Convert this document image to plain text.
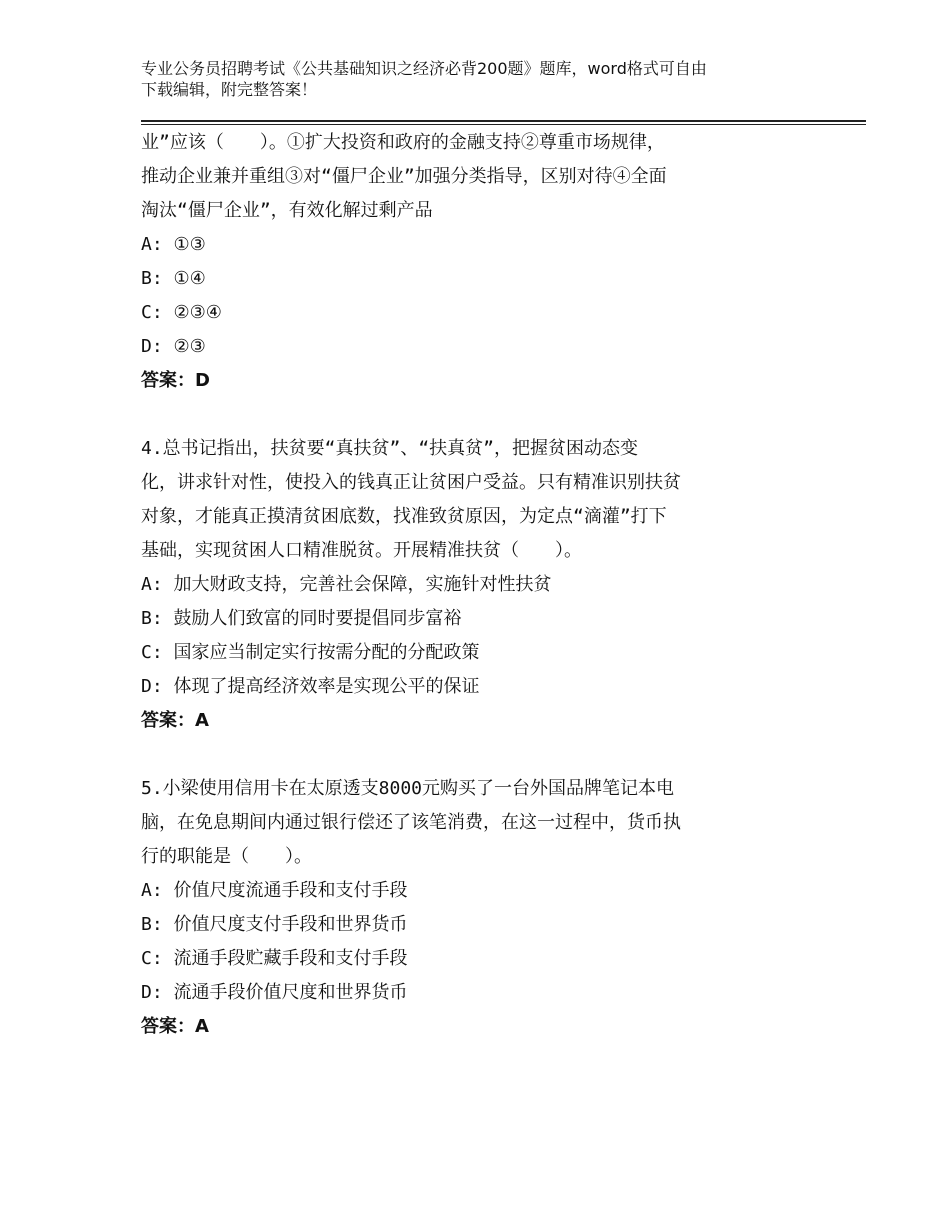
专业公务员招聘考试《公共基础知识之经济必背200题》题库，word格式可自由
下载编辑，附完整答案！
业”应该（　　）。①扩大投资和政府的金融支持②尊重市场规律，
推动企业兼并重组③对“僵尸企业”加强分类指导，区别对待④全面
淘汰“僵尸企业”，有效化解过剩产品
A: ①③
B: ①④
C: ②③④
D: ②③
答案：D
4.总书记指出，扶贫要“真扶贫”、“扶真贫”，把握贫困动态变
化，讲求针对性，使投入的钱真正让贫困户受益。只有精准识别扶贫
对象，才能真正摸清贫困底数，找准致贫原因，为定点“滴灌”打下
基础，实现贫困人口精准脱贫。开展精准扶贫（　　）。
A: 加大财政支持，完善社会保障，实施针对性扶贫
B: 鼓励人们致富的同时要提倡同步富裕
C: 国家应当制定实行按需分配的分配政策
D: 体现了提高经济效率是实现公平的保证
答案：A
5.小梁使用信用卡在太原透支8000元购买了一台外国品牌笔记本电
脑，在免息期间内通过银行偿还了该笔消费，在这一过程中，货币执
行的职能是（　　）。
A: 价值尺度流通手段和支付手段
B: 价值尺度支付手段和世界货币
C: 流通手段贮藏手段和支付手段
D: 流通手段价值尺度和世界货币
答案：A
